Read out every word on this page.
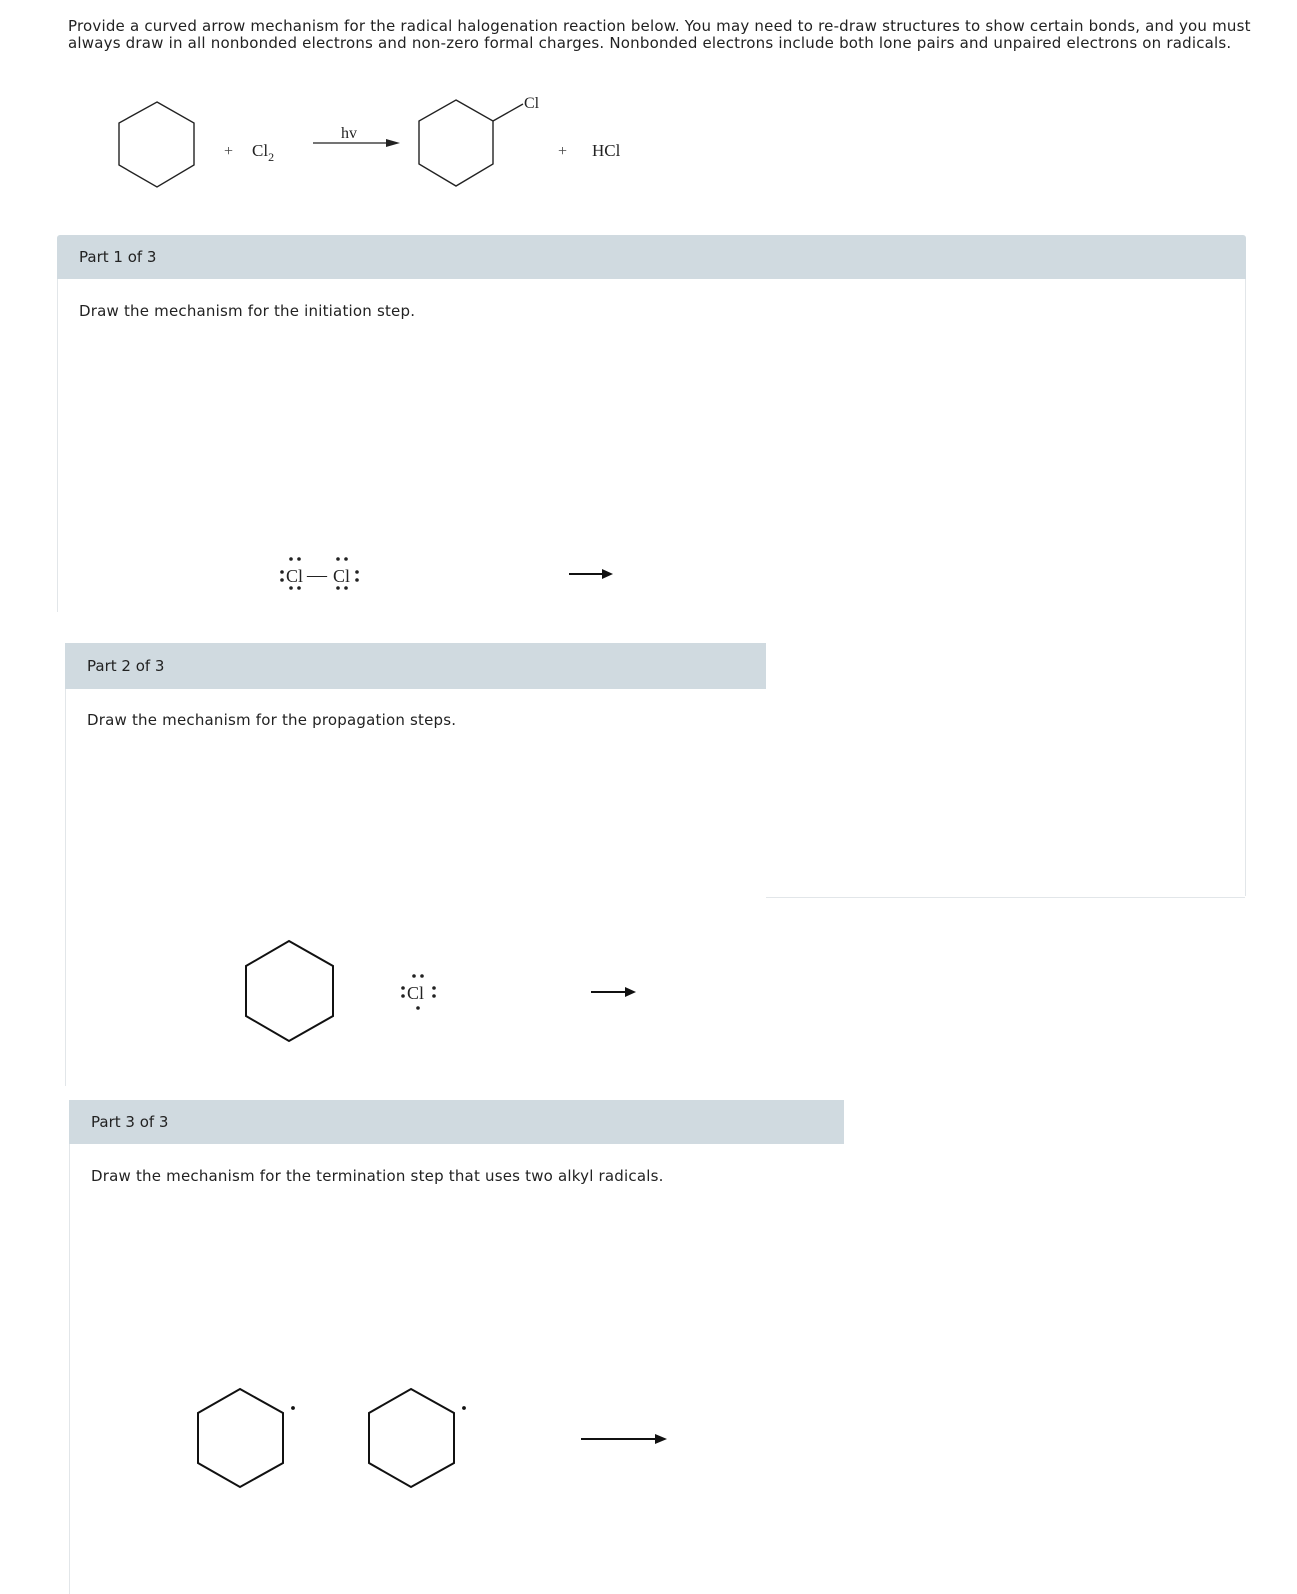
Provide a curved arrow mechanism for the radical halogenation reaction below. You may need to re-draw structures to show certain bonds, and you must always draw in all nonbonded electrons and non-zero formal charges. Nonbonded electrons include both lone pairs and unpaired electrons on radicals.
+ $Cl_2$
hv
Cl
+ HCl
Part 1 of 3
Draw the mechanism for the initiation step.
Cl — Cl
Part 2 of 3
Draw the mechanism for the propagation steps.
Cl
Part 3 of 3
Draw the mechanism for the termination step that uses two alkyl radicals.
